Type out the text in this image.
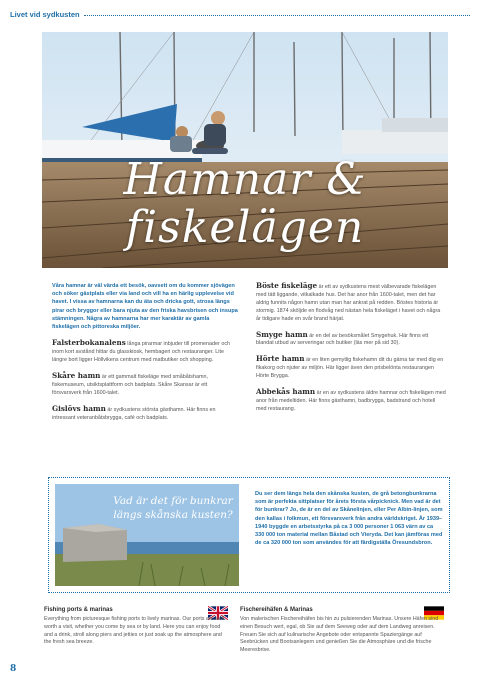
Livet vid sydkusten
Hamnar &
fiskelägen

Våra hamnar är väl värda ett besök, oavsett om du kommer sjövägen och söker gästplats eller via land och vill ha en härlig upplevelse vid havet. I vissa av hamnarna kan du äta och dricka gott, strosa längs pirar och bryggor eller bara njuta av den friska havsbrisen och insupa stämningen. Några av hamnarna har mer karaktär av gamla fiskelägen och pittoreska miljöer.

Falsterbokanalens långa pirarmar inbjuder till promenader och inom kort avstånd hittar du glasskiosk, hembageri och restauranger. Lite längre bort ligger Höllvikens centrum med matbutiker och shopping.

Skåre hamn är ett gammalt fiskeläge med småbåtshamn, fiskemuseum, utsiktsplattform och badplats. Skåre Skansar är ett försvarsverk från 1600-talet.

Gislövs hamn är sydkustens största gästhamn. Här finns en intressant veteranbåtsbrygga, café och badplats.

Böste fiskeläge är ett av sydkustens mest välbevarade fiskelägen med tätt liggande, vitkalkade hus. Det har anor från 1600-talet, men det har aldrig funnits någon hamn utan man har ankrat på redden. Böstes historia är stormig. 1874 sköljde en flodvåg ned nästan hela fiskeläget i havet och några år tidigare hade en svår brand härjat.

Smyge hamn är en del av besöksmålet Smygehuk. Här finns ett blandat utbud av serveringar och butiker (läs mer på sid 30).

Hörte hamn är en liten gemytlig fiskehamn dit du gärna tar med dig en fikakorg och njuter av miljön. Här ligger även den prisbelönta restaurangen Hörte Brygga.

Abbekås hamn är en av sydkustens äldre hamnar och fiskelägen med anor från medeltiden. Här finns gästhamn, badbrygga, badstrand och hotell med restaurang.

Vad är det för bunkrar längs skånska kusten?

Du ser dem längs hela den skånska kusten, de grå betongbunkrarna som är perfekta sittplatser för årets första vårpicknick. Men vad är det för bunkrar? Jo, de är en del av Skånelinjen, eller Per Albin-linjen, som den kallas i folkmun, ett försvarsverk från andra världskriget. År 1939–1940 byggde en arbetsstyrka på ca 3 000 personer 1 063 värn av ca 330 000 ton material mellan Båstad och Vieryda. Det kan jämföras med de ca 320 000 ton som användes för att färdigställa Öresundsbron.

Fishing ports & marinas

Everything from picturesque fishing ports to lively marinas. Our ports are well worth a visit, whether you come by sea or by land. Here you can enjoy food and a drink, stroll along piers and jetties or just soak up the atmosphere and the fresh sea breeze.

Fischereihäfen & Marinas

Von malerischen Fischereihäfen bis hin zu pulsierenden Marinas. Unsere Häfen sind einen Besuch wert, egal, ob Sie auf dem Seeweg oder auf dem Landweg anreisen. Freuen Sie sich auf kulinarische Angebote oder entspannte Spaziergänge auf Seebrücken und Bootsanlegern und genießen Sie die Atmosphäre und die frische Meeresbrise.

8
